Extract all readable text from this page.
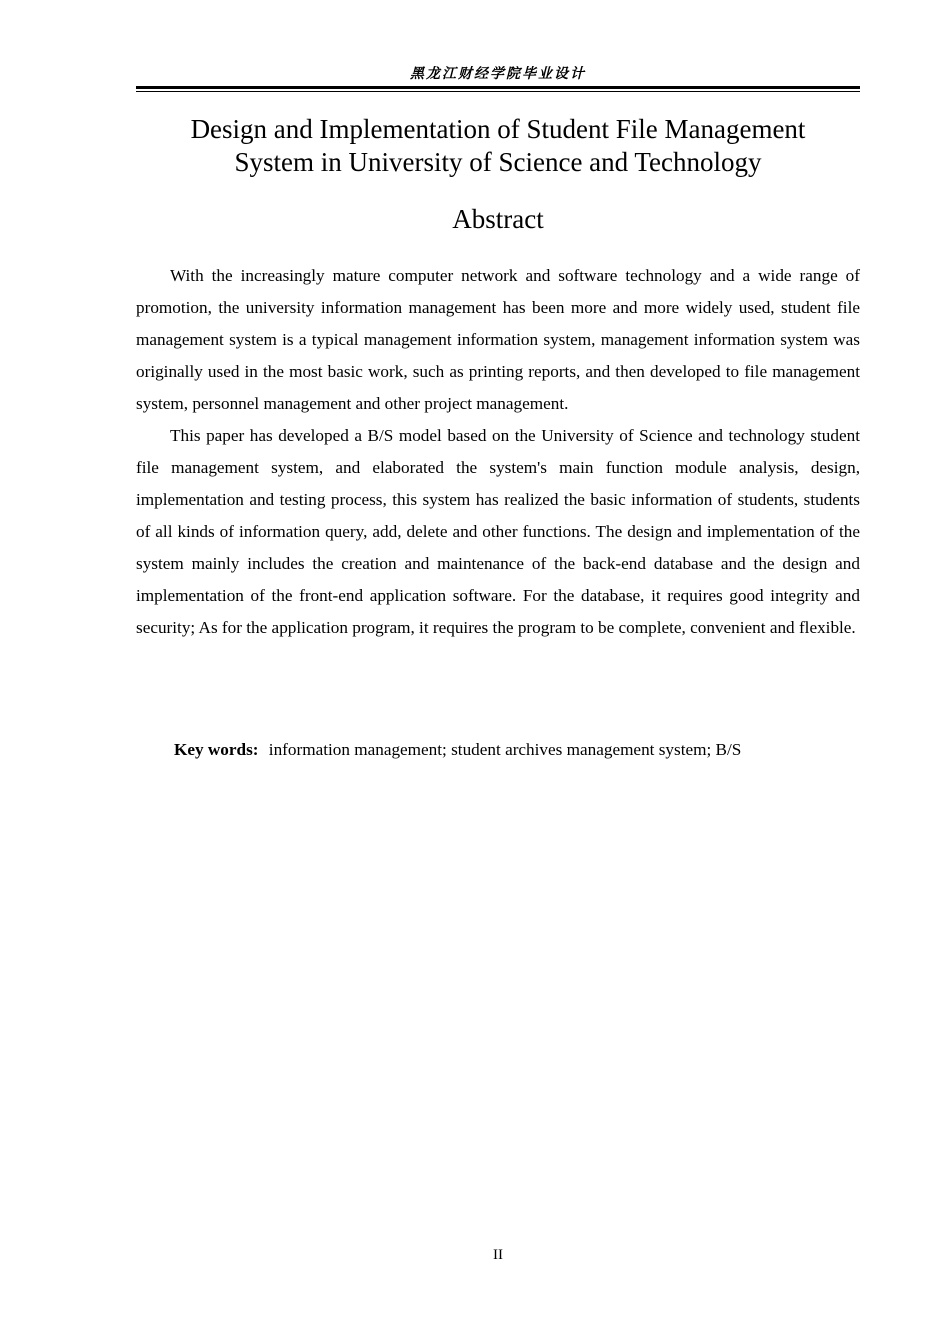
黑龙江财经学院毕业设计
Design and Implementation of Student File Management
System in University of Science and Technology
Abstract

With the increasingly mature computer network and software technology and a wide range of promotion, the university information management has been more and more widely used, student file management system is a typical management information system, management information system was originally used in the most basic work, such as printing reports, and then developed to file management system, personnel management and other project management.

This paper has developed a B/S model based on the University of Science and technology student file management system, and elaborated the system's main function module analysis, design, implementation and testing process, this system has realized the basic information of students, students of all kinds of information query, add, delete and other functions. The design and implementation of the system mainly includes the creation and maintenance of the back-end database and the design and implementation of the front-end application software. For the database, it requires good integrity and security; As for the application program, it requires the program to be complete, convenient and flexible.

Key words: information management; student archives management system; B/S
II
